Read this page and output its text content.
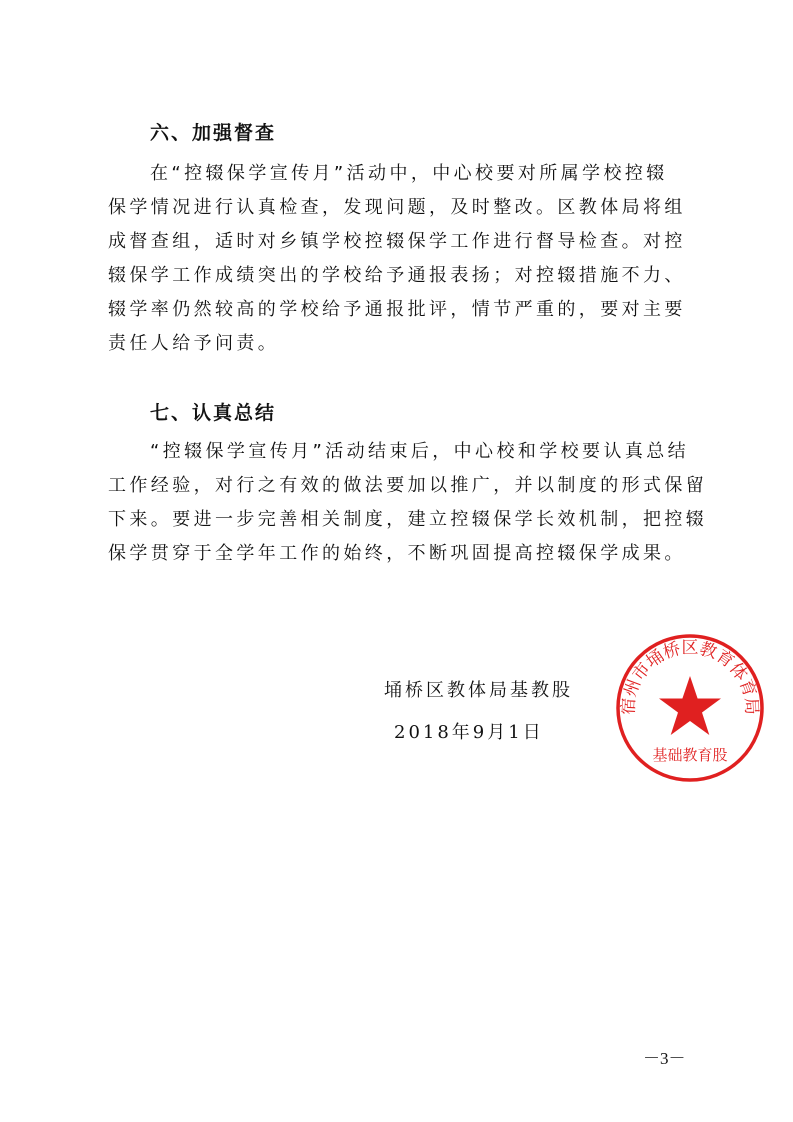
六、加强督查
在“控辍保学宣传月”活动中，中心校要对所属学校控辍
保学情况进行认真检查，发现问题，及时整改。区教体局将组
成督查组，适时对乡镇学校控辍保学工作进行督导检查。对控
辍保学工作成绩突出的学校给予通报表扬；对控辍措施不力、
辍学率仍然较高的学校给予通报批评，情节严重的，要对主要
责任人给予问责。
七、认真总结
“控辍保学宣传月”活动结束后，中心校和学校要认真总结
工作经验，对行之有效的做法要加以推广，并以制度的形式保留
下来。要进一步完善相关制度，建立控辍保学长效机制，把控辍
保学贯穿于全学年工作的始终，不断巩固提高控辍保学成果。
埇桥区教体局基教股
2018年9月1日
宿州市埇桥区教育体育局
基础教育股
－3－
